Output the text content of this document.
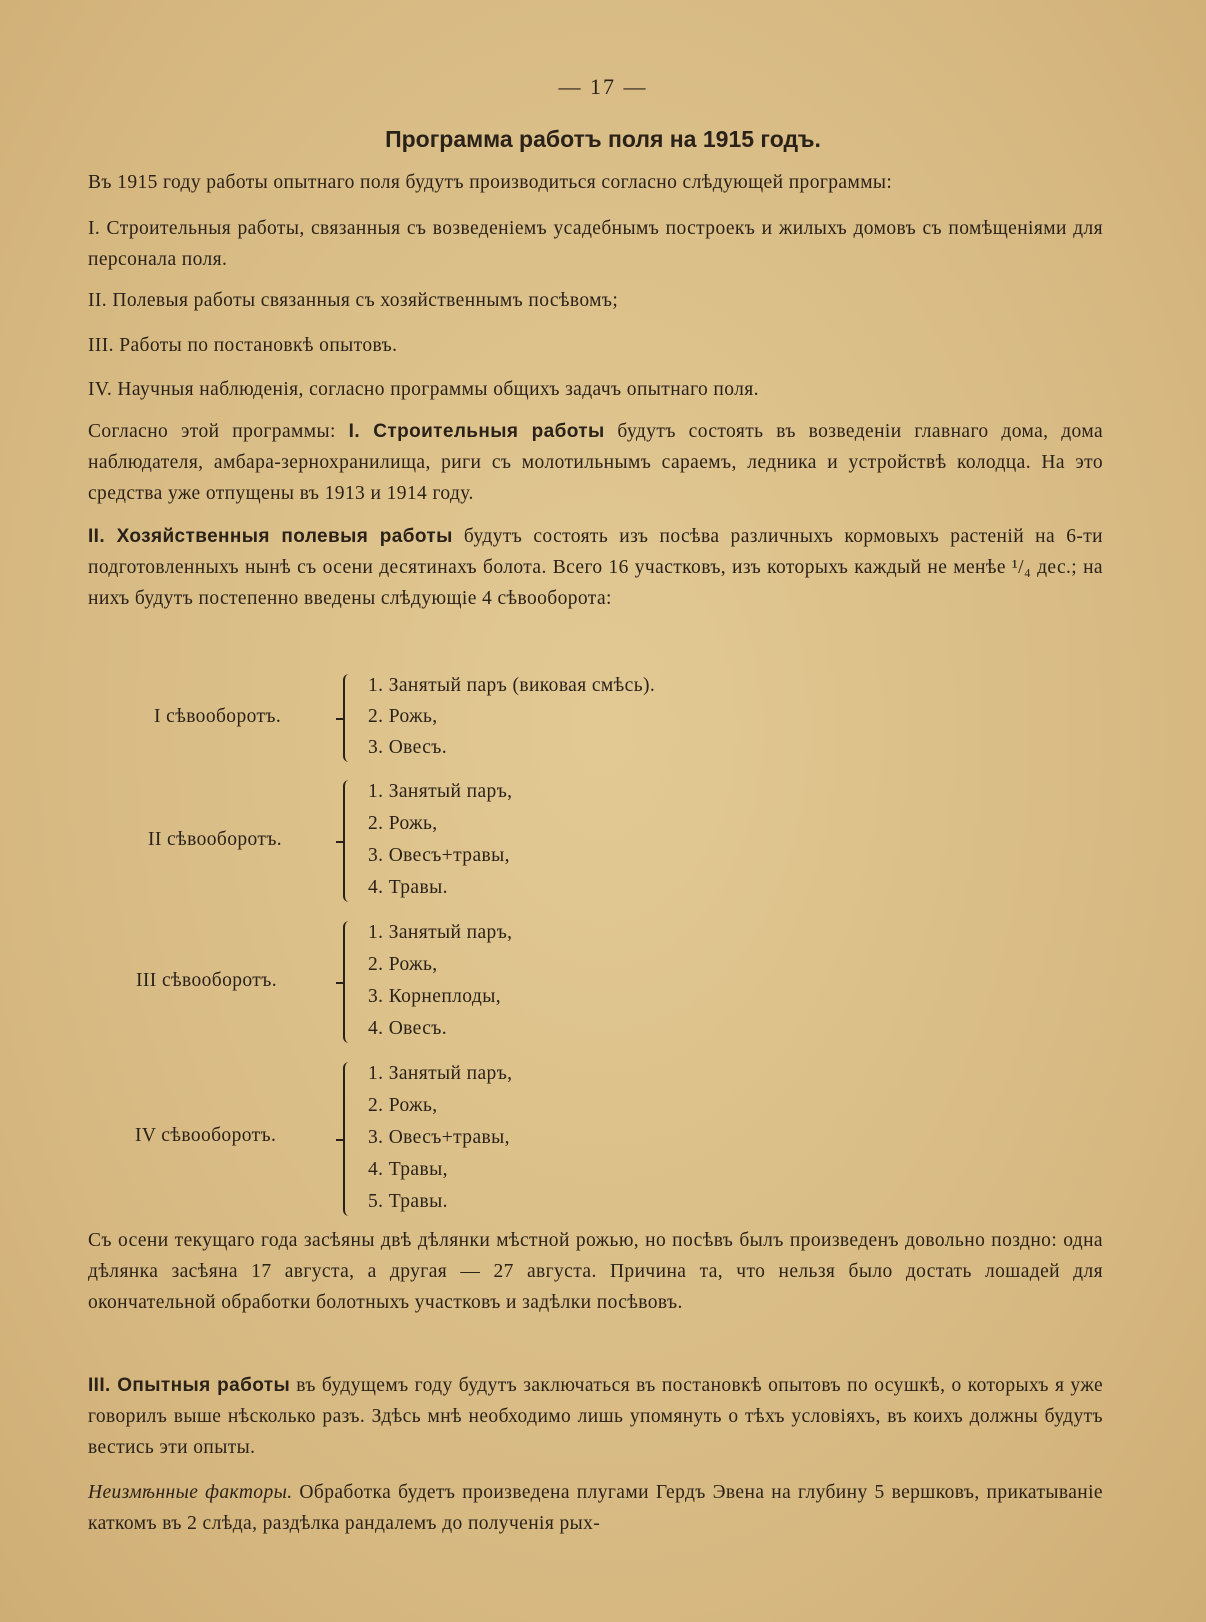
— 17 —
Программа работъ поля на 1915 годъ.
Въ 1915 году работы опытнаго поля будутъ производиться согласно слѣдующей программы:
I. Строительныя работы, связанныя съ возведеніемъ усадебнымъ построекъ и жилыхъ домовъ съ помѣщеніями для персонала поля.
II. Полевыя работы связанныя съ хозяйственнымъ посѣвомъ;
III. Работы по постановкѣ опытовъ.
IV. Научныя наблюденія, согласно программы общихъ задачъ опытнаго поля.
Согласно этой программы: I. Строительныя работы будутъ состоять въ возведеніи главнаго дома, дома наблюдателя, амбара-зернохранилища, риги съ молотильнымъ сараемъ, ледника и устройствѣ колодца. На это средства уже отпущены въ 1913 и 1914 году.
II. Хозяйственныя полевыя работы будутъ состоять изъ посѣва различныхъ кормовыхъ растеній на 6-ти подготовленныхъ нынѣ съ осени десятинахъ болота. Всего 16 участковъ, изъ которыхъ каждый не менѣе ¹/₄ дес.; на нихъ будутъ постепенно введены слѣдующіе 4 сѣвооборота:
I сѣвооборотъ.
1. Занятый паръ (виковая смѣсь).
2. Рожь,
3. Овесъ.
II сѣвооборотъ.
1. Занятый паръ,
2. Рожь,
3. Овесъ+травы,
4. Травы.
III сѣвооборотъ.
1. Занятый паръ,
2. Рожь,
3. Корнеплоды,
4. Овесъ.
IV сѣвооборотъ.
1. Занятый паръ,
2. Рожь,
3. Овесъ+травы,
4. Травы,
5. Травы.
Съ осени текущаго года засѣяны двѣ дѣлянки мѣстной рожью, но посѣвъ былъ произведенъ довольно поздно: одна дѣлянка засѣяна 17 августа, а другая — 27 августа. Причина та, что нельзя было достать лошадей для окончательной обработки болотныхъ участковъ и задѣлки посѣвовъ.
III. Опытныя работы въ будущемъ году будутъ заключаться въ постановкѣ опытовъ по осушкѣ, о которыхъ я уже говорилъ выше нѣсколько разъ. Здѣсь мнѣ необходимо лишь упомянуть о тѣхъ условіяхъ, въ коихъ должны будутъ вестись эти опыты.
Неизмѣнные факторы. Обработка будетъ произведена плугами Гердъ Эвена на глубину 5 вершковъ, прикатываніе каткомъ въ 2 слѣда, раздѣлка рандалемъ до полученія рых-
